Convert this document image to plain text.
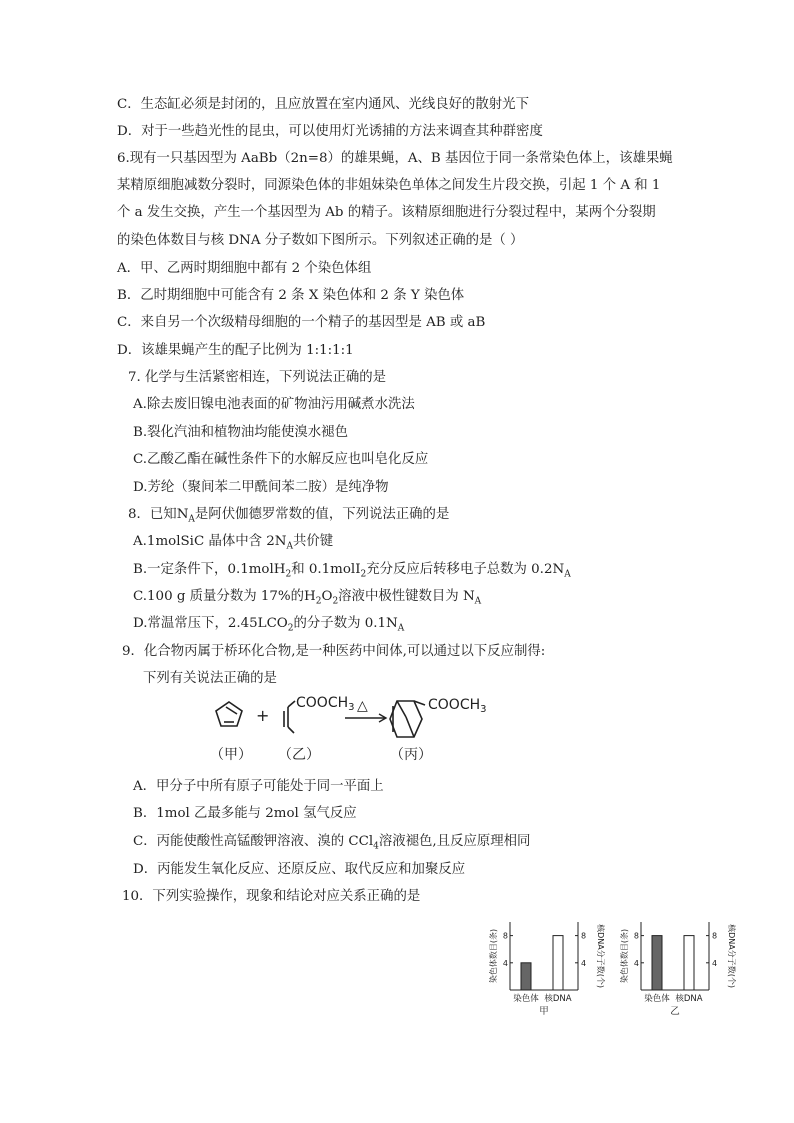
C．生态缸必须是封闭的，且应放置在室内通风、光线良好的散射光下
D．对于一些趋光性的昆虫，可以使用灯光诱捕的方法来调查其种群密度
6.现有一只基因型为 AaBb（2n=8）的雄果蝇，A、B 基因位于同一条常染色体上，该雄果蝇
某精原细胞减数分裂时，同源染色体的非姐妹染色单体之间发生片段交换，引起 1 个 A 和 1
个 a 发生交换，产生一个基因型为 Ab 的精子。该精原细胞进行分裂过程中，某两个分裂期
的染色体数目与核 DNA 分子数如下图所示。下列叙述正确的是（ ）
A．甲、乙两时期细胞中都有 2 个染色体组
B．乙时期细胞中可能含有 2 条 X 染色体和 2 条 Y 染色体
C．来自另一个次级精母细胞的一个精子的基因型是 AB 或 aB
D．该雄果蝇产生的配子比例为 1:1:1:1
7. 化学与生活紧密相连，下列说法正确的是
A.除去废旧镍电池表面的矿物油污用碱煮水洗法
B.裂化汽油和植物油均能使溴水褪色
C.乙酸乙酯在碱性条件下的水解反应也叫皂化反应
D.芳纶（聚间苯二甲酰间苯二胺）是纯净物
8．已知$N_A$是阿伏伽德罗常数的值，下列说法正确的是
A.1molSiC 晶体中含 $2N_A$共价键
B.一定条件下，0.1molH$_2$和 0.1molI$_2$充分反应后转移电子总数为 $0.2N_A$
C.100 g 质量分数为 17%的$H_2O_2$溶液中极性键数目为 $N_A$
D.常温常压下，$2.45LCO_2$的分子数为 $0.1N_A$
9．化合物丙属于桥环化合物,是一种医药中间体,可以通过以下反应制得:
下列有关说法正确的是
A．甲分子中所有原子可能处于同一平面上
B．1mol 乙最多能与 2mol 氢气反应
C．丙能使酸性高锰酸钾溶液、溴的 CCl$_4$溶液褪色,且反应原理相同
D．丙能发生氧化反应、还原反应、取代反应和加聚反应
10．下列实验操作，现象和结论对应关系正确的是
+
$COOCH_3$ △	$COOCH_3$
（甲） （乙）	（丙）
4	4
8	8
染色体 核DNA
甲
染色体数目(条)	核DNA分子数(个)	4	4
8	8
染色体 核DNA
乙
染色体数目(条)	核DNA分子数(个)
